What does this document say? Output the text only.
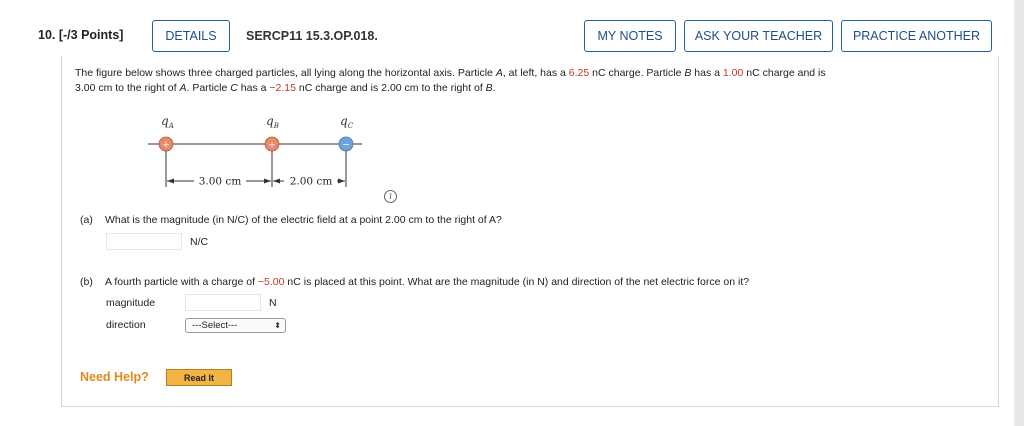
10. [-/3 Points]	DETAILS	SERCP11 15.3.OP.018.	MY NOTES	ASK YOUR TEACHER	PRACTICE ANOTHER
The figure below shows three charged particles, all lying along the horizontal axis. Particle A, at left, has a 6.25 nC charge. Particle B has a 1.00 nC charge and is
3.00 cm to the right of A. Particle C has a −2.15 nC charge and is 2.00 cm to the right of B.
$q_A$	$q_B$	$q_C$
+	+	−
3.00 cm	2.00 cm
i
(a) What is the magnitude (in N/C) of the electric field at a point 2.00 cm to the right of A?
N/C
(b) A fourth particle with a charge of −5.00 nC is placed at this point. What are the magnitude (in N) and direction of the net electric force on it?
magnitude	N
direction	---Select---	⬍
Need Help?	Read It
